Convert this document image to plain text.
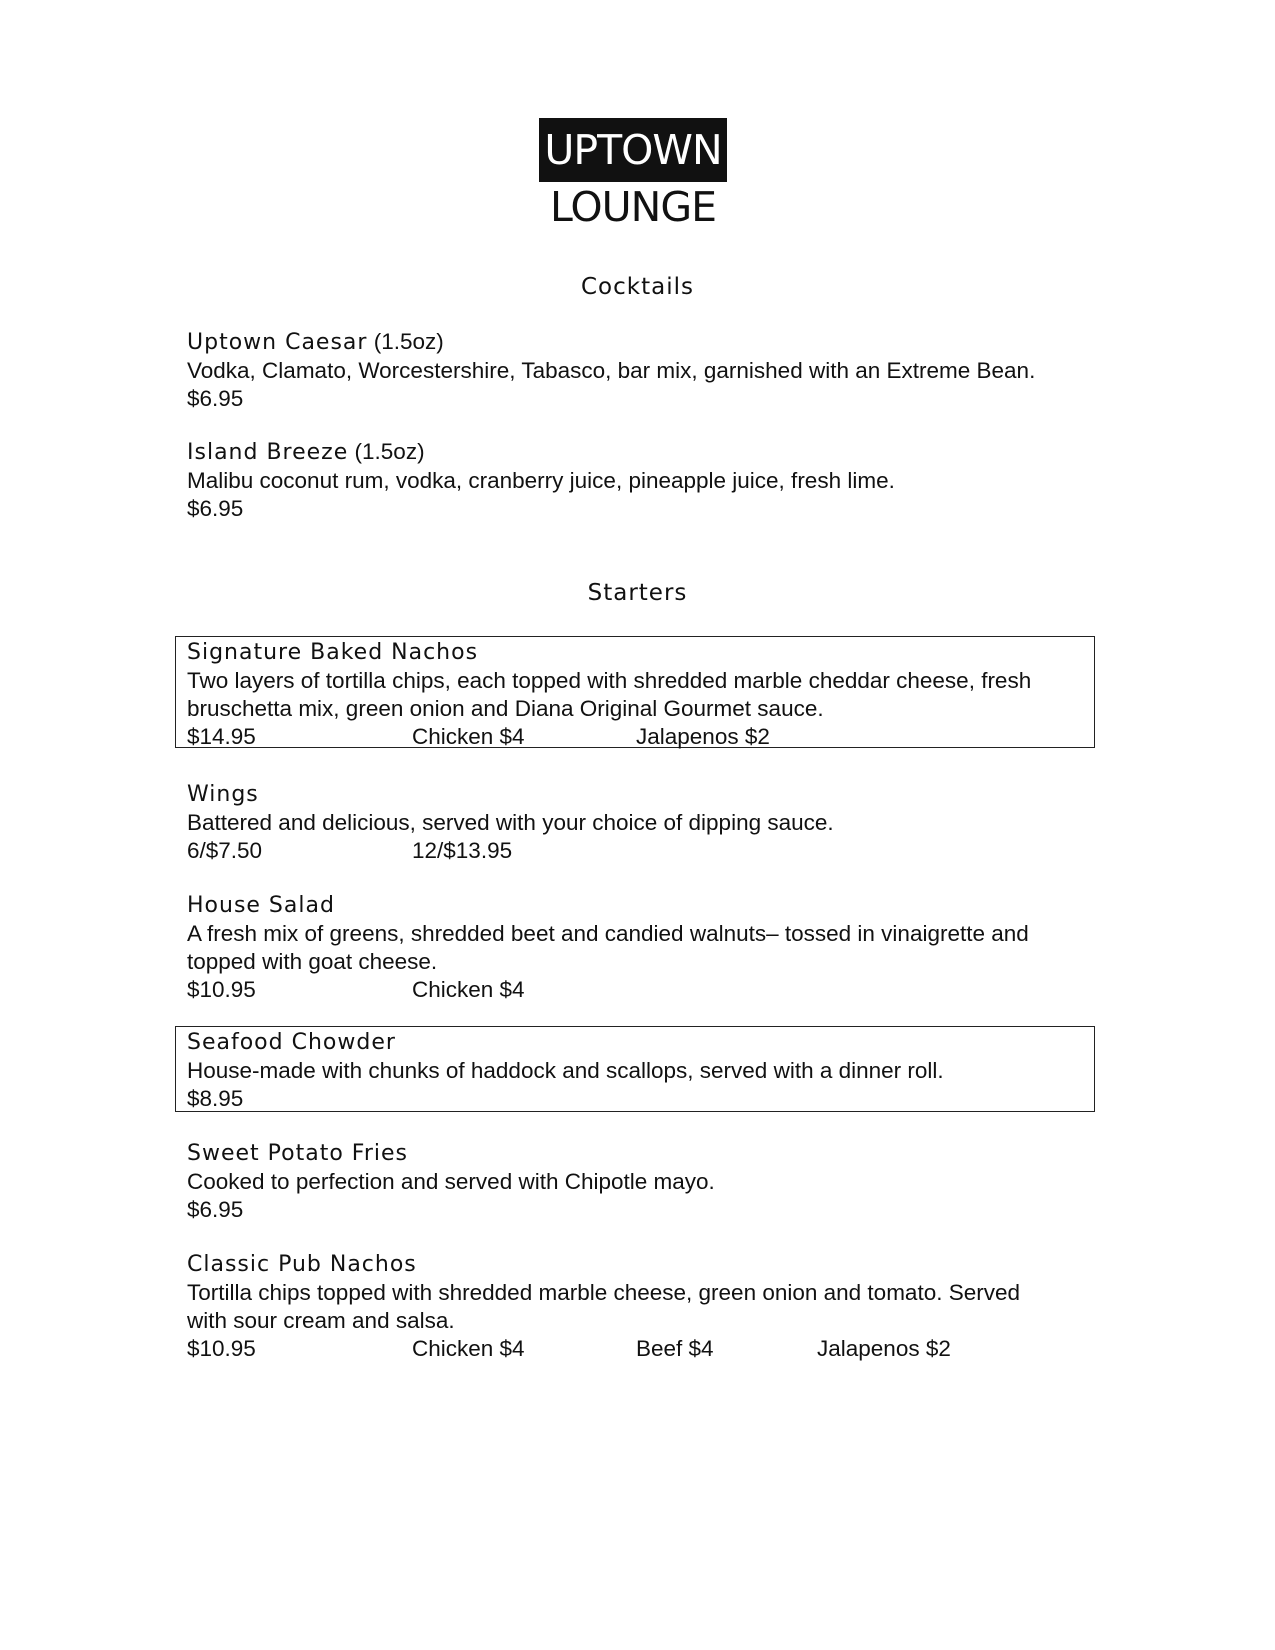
UPTOWN
LOUNGE
Cocktails
Uptown Caesar (1.5oz)
Vodka, Clamato, Worcestershire, Tabasco, bar mix, garnished with an Extreme Bean.
$6.95
Island Breeze (1.5oz)
Malibu coconut rum, vodka, cranberry juice, pineapple juice, fresh lime.
$6.95
Starters
Signature Baked Nachos
Two layers of tortilla chips, each topped with shredded marble cheddar cheese, fresh
bruschetta mix, green onion and Diana Original Gourmet sauce.
$14.95	Chicken $4	Jalapenos $2
Wings
Battered and delicious, served with your choice of dipping sauce.
6/$7.50	12/$13.95
House Salad
A fresh mix of greens, shredded beet and candied walnuts– tossed in vinaigrette and
topped with goat cheese.
$10.95	Chicken $4
Seafood Chowder
House-made with chunks of haddock and scallops, served with a dinner roll.
$8.95
Sweet Potato Fries
Cooked to perfection and served with Chipotle mayo.
$6.95
Classic Pub Nachos
Tortilla chips topped with shredded marble cheese, green onion and tomato. Served
with sour cream and salsa.
$10.95	Chicken $4	Beef $4	Jalapenos $2
